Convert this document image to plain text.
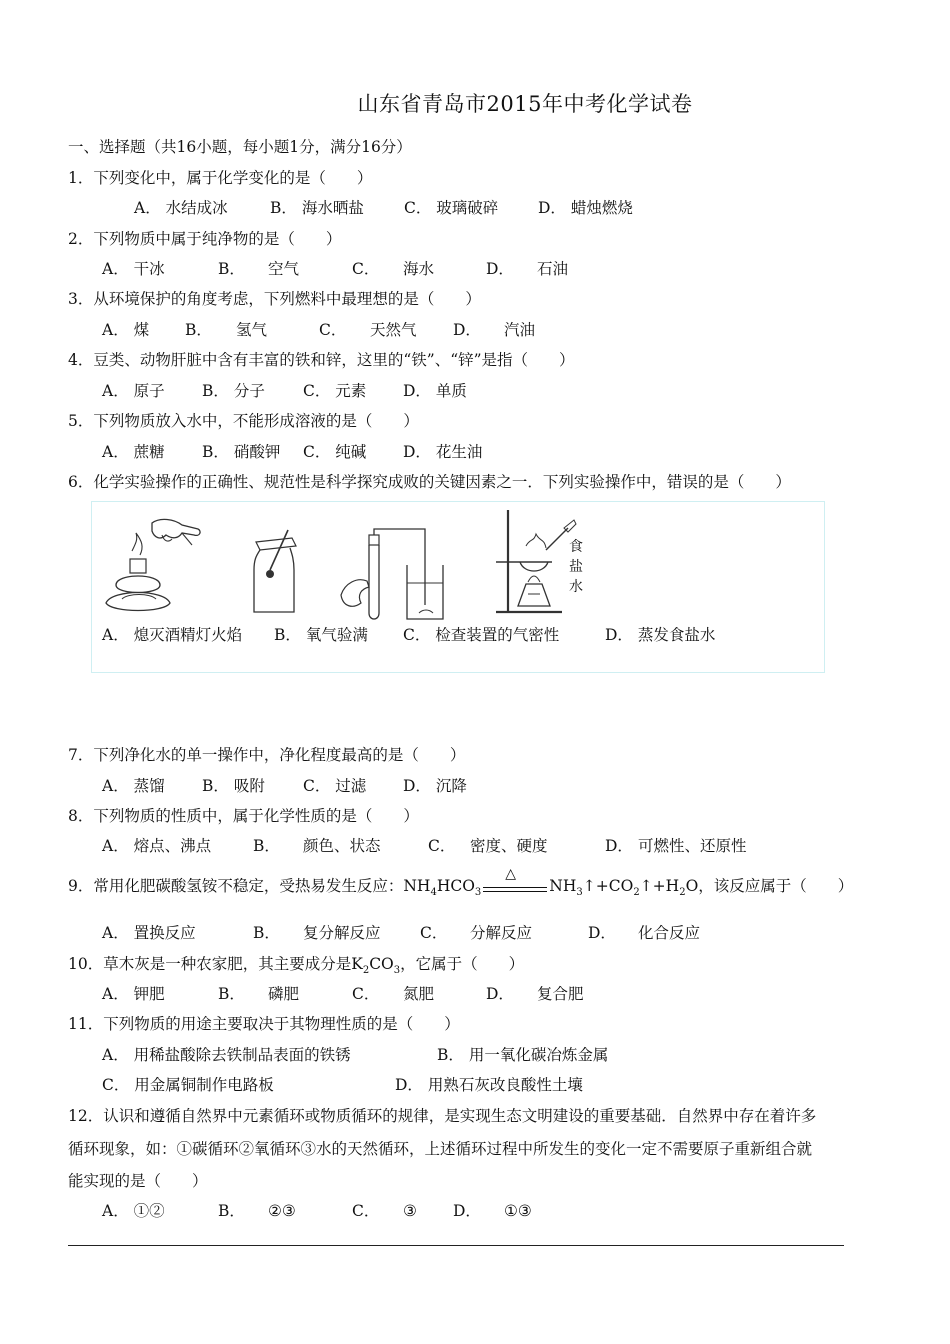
山东省青岛市2015年中考化学试卷
一、选择题（共16小题，每小题1分，满分16分）
1．下列变化中，属于化学变化的是（　　）
A． 水结成冰	B． 海水晒盐	C． 玻璃破碎	D． 蜡烛燃烧
2．下列物质中属于纯净物的是（　　）
A． 干冰	B． 空气	C． 海水	D． 石油
3．从环境保护的角度考虑，下列燃料中最理想的是（　　）
A． 煤 B． 氢气	C． 天然气 D． 汽油
4．豆类、动物肝脏中含有丰富的铁和锌，这里的“铁”、“锌”是指（　　）
A． 原子 B． 分子 C． 元素 D． 单质
5．下列物质放入水中，不能形成溶液的是（　　）
A． 蔗糖 B． 硝酸钾 C． 纯碱 D． 花生油
6．化学实验操作的正确性、规范性是科学探究成败的关键因素之一．下列实验操作中，错误的是（　　）
食
盐
水
A． 熄灭酒精灯火焰 B． 氧气验满 C． 检查装置的气密性	D． 蒸发食盐水
7．下列净化水的单一操作中，净化程度最高的是（　　）
A． 蒸馏 B． 吸附 C． 过滤 D． 沉降
8．下列物质的性质中，属于化学性质的是（　　）
A． 熔点、沸点	B． 颜色、状态	C． 密度、硬度	D． 可燃性、还原性
9．常用化肥碳酸氢铵不稳定，受热易发生反应：$NH_4HCO_3$
△
$NH_3↑+CO_2↑+H_2O$，该反应属于（　　）
A． 置换反应	B． 复分解反应	C． 分解反应	D． 化合反应
10．草木灰是一种农家肥，其主要成分是$K_2CO_3$，它属于（　　）
A． 钾肥	B． 磷肥	C． 氮肥	D． 复合肥
11．下列物质的用途主要取决于其物理性质的是（　　）
A． 用稀盐酸除去铁制品表面的铁锈	B． 用一氧化碳冶炼金属
C． 用金属铜制作电路板	D． 用熟石灰改良酸性土壤
12．认识和遵循自然界中元素循环或物质循环的规律，是实现生态文明建设的重要基础．自然界中存在着许多
循环现象，如：①碳循环②氧循环③水的天然循环，上述循环过程中所发生的变化一定不需要原子重新组合就
能实现的是（　　）
A． ①②	B． ②③	C． ③ D． ①③
